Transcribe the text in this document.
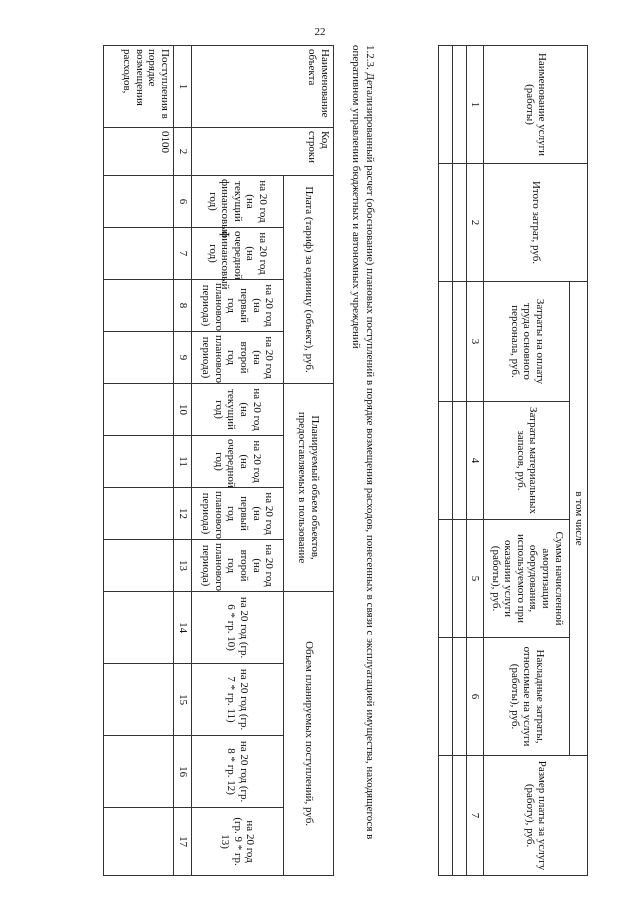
22
Наименование услуги (работы)	Итого затрат, руб.	в том числе				Размер платы за услугу (работу), руб.
		Затраты на оплату труда основного персонала, руб.	Затраты материальных запасов, руб.	Сумма начисленной амортизации оборудования, используемого при оказании услуги (работы), руб.	Накладные затраты, относимые на услуги (работы), руб.	
1	2	3	4	5	6	7

1.2.3. Детализированный расчет (обоснование) плановых поступлений в порядке возмещения расходов, понесенных в связи с эксплуатацией имущества, находящегося в оперативном управлении бюджетных и автономных учреждений
Наименование объекта	Код строки	Плата (тариф) за единицу (объект), руб.				Планируемый объем объектов, предоставляемых в пользование				Объем планируемых поступлений, руб.			
		на 20 год (на текущий финансовый год)	на 20 год (на очередной финансовый год)	на 20 год (на первый год планового периода)	на 20 год (на второй год планового периода)	на 20 год (на текущий год)	на 20 год (на очередной год)	на 20 год (на первый год планового периода)	на 20 год (на второй год планового периода)	на 20 год (гр. 6 * гр. 10)	на 20 год (гр. 7 * гр. 11)	на 20 год (гр. 8 * гр. 12)	на 20 год (гр. 9 * гр. 13)
1	2	6	7	8	9	10	11	12	13	14	15	16	17
Поступления в порядке возмещения расходов,	0100												
